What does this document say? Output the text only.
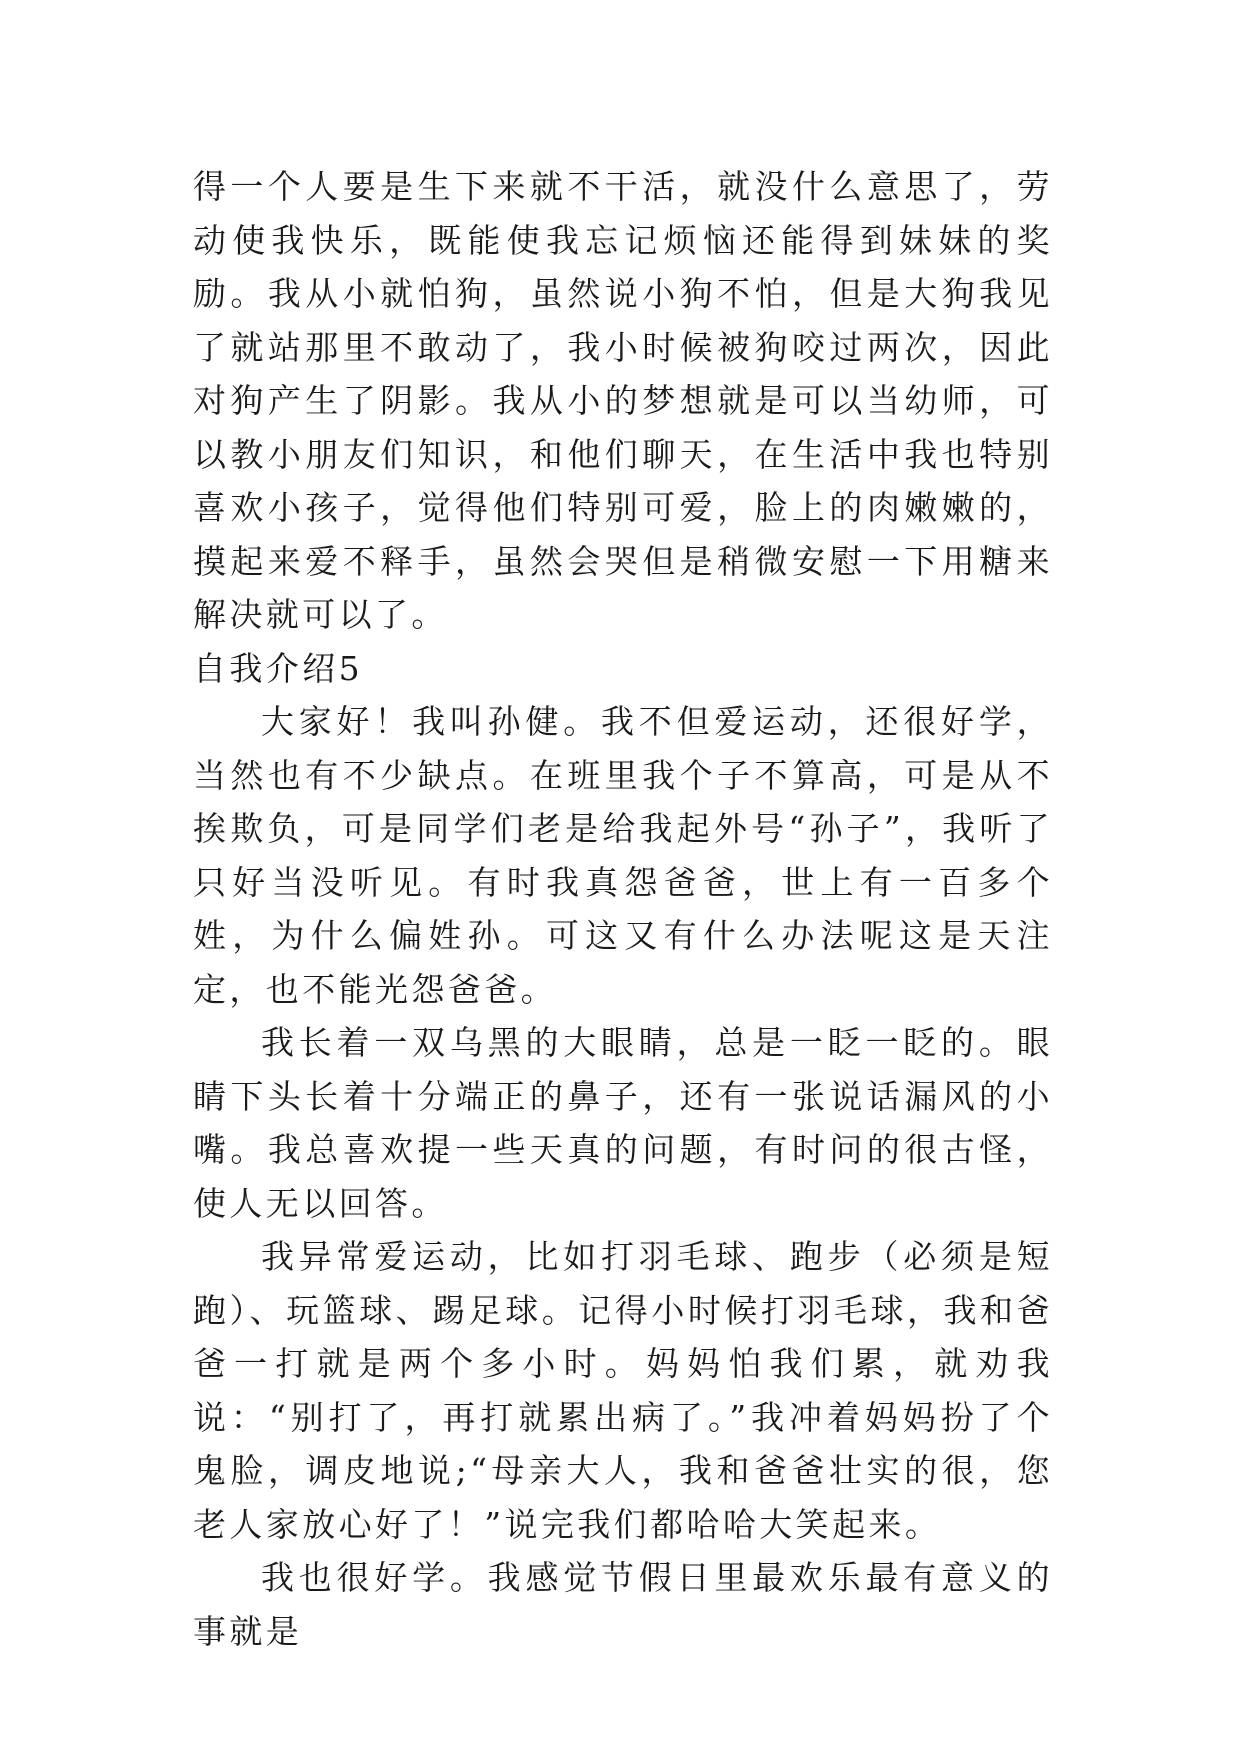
得一个人要是生下来就不干活，就没什么意思了，劳动使我快乐，既能使我忘记烦恼还能得到妹妹的奖励。我从小就怕狗，虽然说小狗不怕，但是大狗我见了就站那里不敢动了，我小时候被狗咬过两次，因此对狗产生了阴影。我从小的梦想就是可以当幼师，可以教小朋友们知识，和他们聊天，在生活中我也特别喜欢小孩子，觉得他们特别可爱，脸上的肉嫩嫩的，摸起来爱不释手，虽然会哭但是稍微安慰一下用糖来解决就可以了。

自我介绍5

大家好！我叫孙健。我不但爱运动，还很好学，当然也有不少缺点。在班里我个子不算高，可是从不挨欺负，可是同学们老是给我起外号“孙子”，我听了只好当没听见。有时我真怨爸爸，世上有一百多个姓，为什么偏姓孙。可这又有什么办法呢这是天注定，也不能光怨爸爸。

我长着一双乌黑的大眼睛，总是一眨一眨的。眼睛下头长着十分端正的鼻子，还有一张说话漏风的小嘴。我总喜欢提一些天真的问题，有时问的很古怪，使人无以回答。

我异常爱运动，比如打羽毛球、跑步（必须是短跑）、玩篮球、踢足球。记得小时候打羽毛球，我和爸爸一打就是两个多小时。妈妈怕我们累，就劝我说：“别打了，再打就累出病了。”我冲着妈妈扮了个鬼脸，调皮地说;“母亲大人，我和爸爸壮实的很，您老人家放心好了！”说完我们都哈哈大笑起来。

我也很好学。我感觉节假日里最欢乐最有意义的事就是
